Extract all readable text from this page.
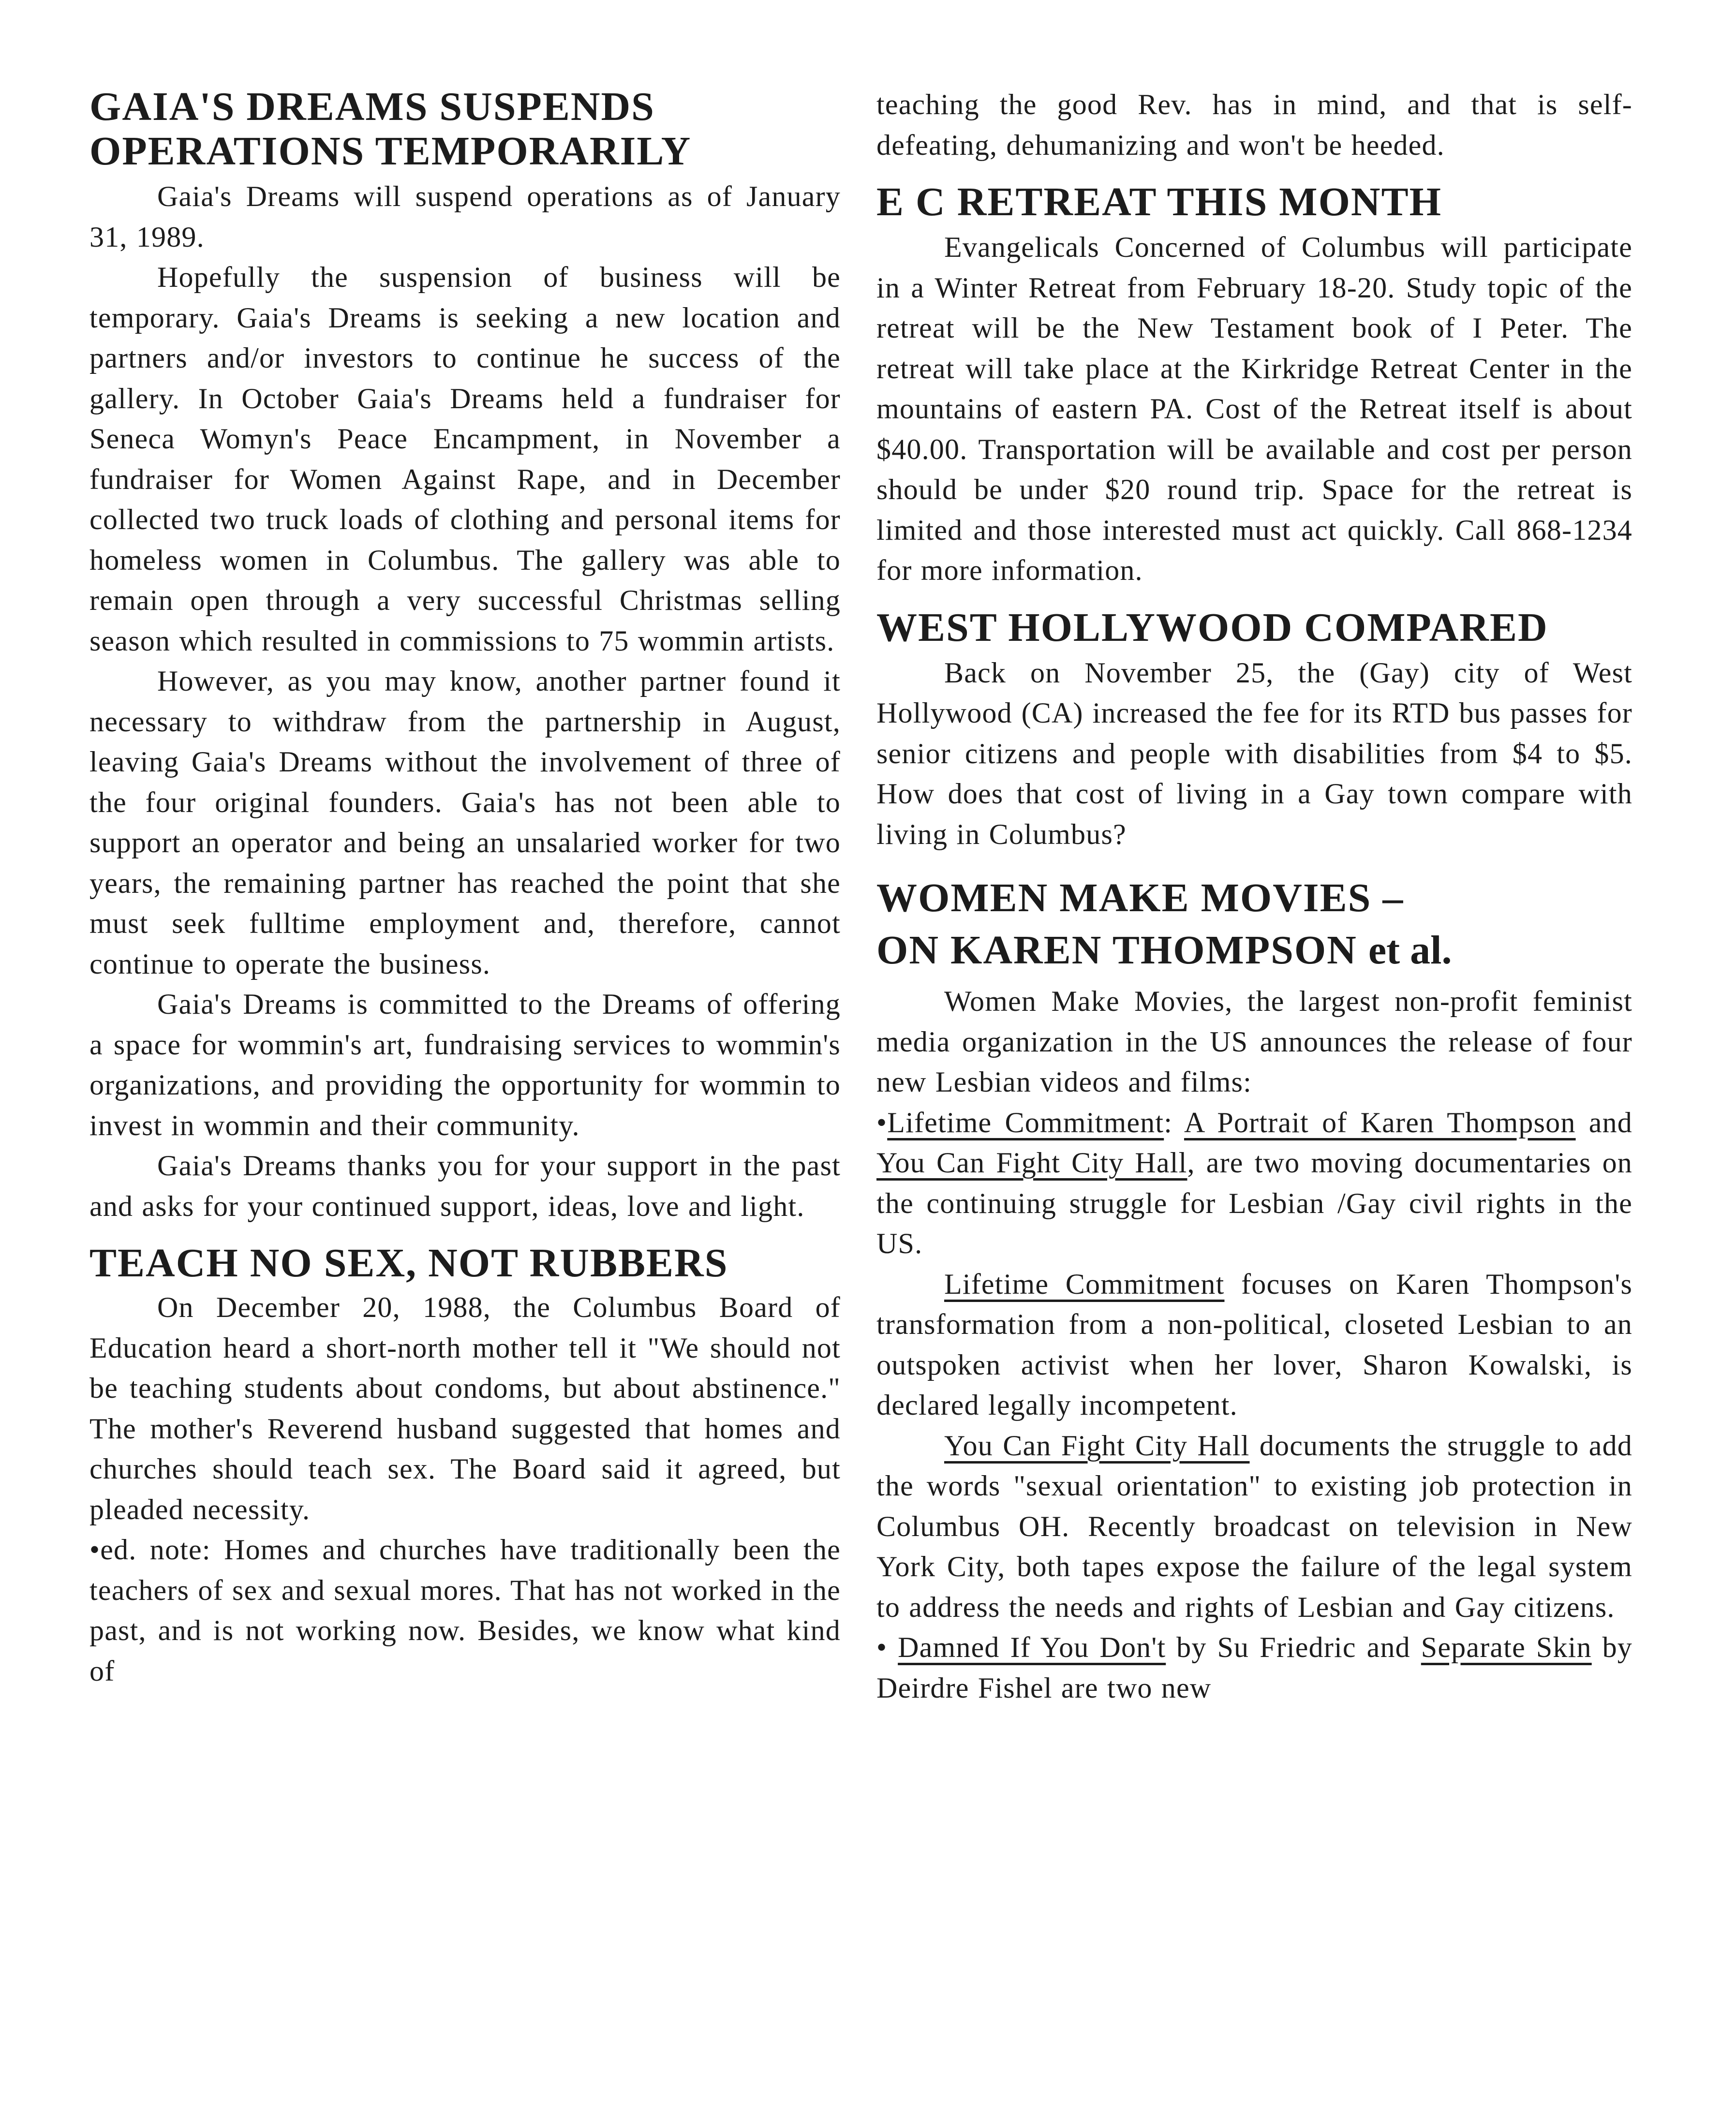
GAIA'S DREAMS SUSPENDS
OPERATIONS TEMPORARILY

Gaia's Dreams will suspend operations as of January 31, 1989.

Hopefully the suspension of business will be temporary. Gaia's Dreams is seeking a new location and partners and/or investors to continue he success of the gallery. In October Gaia's Dreams held a fundraiser for Seneca Womyn's Peace Encampment, in November a fundraiser for Women Against Rape, and in December collected two truck loads of clothing and personal items for homeless women in Columbus. The gallery was able to remain open through a very successful Christmas selling season which resulted in commissions to 75 wommin artists.

However, as you may know, another partner found it necessary to withdraw from the partnership in August, leaving Gaia's Dreams without the involvement of three of the four original founders. Gaia's has not been able to support an operator and being an unsalaried worker for two years, the remaining partner has reached the point that she must seek fulltime employment and, therefore, cannot continue to operate the business.

Gaia's Dreams is committed to the Dreams of offering a space for wommin's art, fundraising services to wommin's organizations, and providing the opportunity for wommin to invest in wommin and their community.

Gaia's Dreams thanks you for your support in the past and asks for your continued support, ideas, love and light.

TEACH NO SEX, NOT RUBBERS

On December 20, 1988, the Columbus Board of Education heard a short-north mother tell it "We should not be teaching students about condoms, but about abstinence." The mother's Reverend husband suggested that homes and churches should teach sex. The Board said it agreed, but pleaded necessity.

•ed. note: Homes and churches have traditionally been the teachers of sex and sexual mores. That has not worked in the past, and is not working now. Besides, we know what kind of

teaching the good Rev. has in mind, and that is self-defeating, dehumanizing and won't be heeded.

E C RETREAT THIS MONTH

Evangelicals Concerned of Columbus will participate in a Winter Retreat from February 18-20. Study topic of the retreat will be the New Testament book of I Peter. The retreat will take place at the Kirkridge Retreat Center in the mountains of eastern PA. Cost of the Retreat itself is about $40.00. Transportation will be available and cost per person should be under $20 round trip. Space for the retreat is limited and those interested must act quickly. Call 868-1234 for more information.

WEST HOLLYWOOD COMPARED

Back on November 25, the (Gay) city of West Hollywood (CA) increased the fee for its RTD bus passes for senior citizens and people with disabilities from $4 to $5. How does that cost of living in a Gay town compare with living in Columbus?

WOMEN MAKE MOVIES –
ON KAREN THOMPSON et al.

Women Make Movies, the largest non-profit feminist media organization in the US announces the release of four new Lesbian videos and films:

•Lifetime Commitment: A Portrait of Karen Thompson and You Can Fight City Hall, are two moving documentaries on the continuing struggle for Lesbian /Gay civil rights in the US.

Lifetime Commitment focuses on Karen Thompson's transformation from a non-political, closeted Lesbian to an outspoken activist when her lover, Sharon Kowalski, is declared legally incompetent.

You Can Fight City Hall documents the struggle to add the words "sexual orientation" to existing job protection in Columbus OH. Recently broadcast on television in New York City, both tapes expose the failure of the legal system to address the needs and rights of Lesbian and Gay citizens.

• Damned If You Don't by Su Friedric and Separate Skin by Deirdre Fishel are two new
